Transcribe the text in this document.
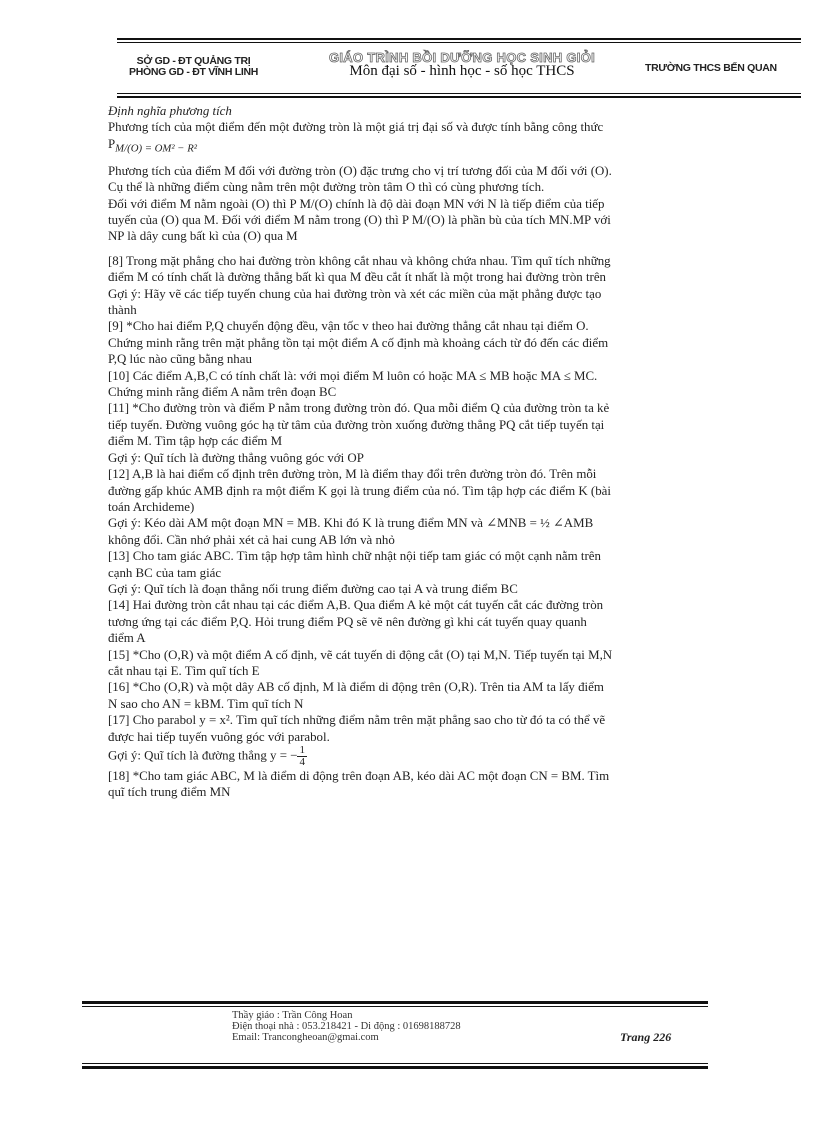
SỞ GD - ĐT QUẢNG TRỊ
PHÒNG GD - ĐT VĨNH LINH
GIÁO TRÌNH BỒI DƯỠNG HỌC SINH GIỎI
Môn đại số - hình học - số học THCS	TRƯỜNG THCS BẾN QUAN

Định nghĩa phương tích

Phương tích của một điểm đến một đường tròn là một giá trị đại số và được tính bằng công thức $P_{M/(O) = OM^2 - R^2}$

Phương tích của điểm M đối với đường tròn (O) đặc trưng cho vị trí tương đối của M đối với (O). Cụ thể là những điểm cùng nằm trên một đường tròn tâm O thì có cùng phương tích.

Đối với điểm M nằm ngoài (O) thì P M/(O) chính là độ dài đoạn MN với N là tiếp điểm của tiếp tuyến của (O) qua M. Đối với điểm M nằm trong (O) thì P M/(O) là phần bù của tích MN.MP với NP là dây cung bất kì của (O) qua M

[8] Trong mặt phẳng cho hai đường tròn không cắt nhau và không chứa nhau. Tìm quĩ tích những điểm M có tính chất là đường thẳng bất kì qua M đều cắt ít nhất là một trong hai đường tròn trên

Gợi ý: Hãy vẽ các tiếp tuyến chung của hai đường tròn và xét các miền của mặt phẳng được tạo thành

[9] *Cho hai điểm P,Q chuyển động đều, vận tốc v theo hai đường thẳng cắt nhau tại điểm O. Chứng minh rằng trên mặt phẳng tồn tại một điểm A cố định mà khoảng cách từ đó đến các điểm P,Q lúc nào cũng bằng nhau

[10] Các điểm A,B,C có tính chất là: với mọi điểm M luôn có hoặc MA ≤ MB hoặc MA ≤ MC. Chứng minh rằng điểm A nằm trên đoạn BC

[11] *Cho đường tròn và điểm P nằm trong đường tròn đó. Qua mỗi điểm Q của đường tròn ta kẻ tiếp tuyến. Đường vuông góc hạ từ tâm của đường tròn xuống đường thẳng PQ cắt tiếp tuyến tại điểm M. Tìm tập hợp các điểm M

Gợi ý: Quĩ tích là đường thẳng vuông góc với OP

[12] A,B là hai điểm cố định trên đường tròn, M là điểm thay đổi trên đường tròn đó. Trên mỗi đường gấp khúc AMB định ra một điểm K gọi là trung điểm của nó. Tìm tập hợp các điểm K (bài toán Archideme)

Gợi ý: Kéo dài AM một đoạn MN = MB. Khi đó K là trung điểm MN và ∠MNB = ½ ∠AMB không đổi. Cần nhớ phải xét cả hai cung AB lớn và nhỏ

[13] Cho tam giác ABC. Tìm tập hợp tâm hình chữ nhật nội tiếp tam giác có một cạnh nằm trên cạnh BC của tam giác

Gợi ý: Quĩ tích là đoạn thẳng nối trung điểm đường cao tại A và trung điểm BC

[14] Hai đường tròn cắt nhau tại các điểm A,B. Qua điểm A kẻ một cát tuyến cắt các đường tròn tương ứng tại các điểm P,Q. Hỏi trung điểm PQ sẽ vẽ nên đường gì khi cát tuyến quay quanh điểm A

[15] *Cho (O,R) và một điểm A cố định, vẽ cát tuyến di động cắt (O) tại M,N. Tiếp tuyến tại M,N cắt nhau tại E. Tìm quĩ tích E

[16] *Cho (O,R) và một dây AB cố định, M là điểm di động trên (O,R). Trên tia AM ta lấy điểm N sao cho AN = kBM. Tìm quĩ tích N

[17] Cho parabol y = x². Tìm quĩ tích những điểm nằm trên mặt phẳng sao cho từ đó ta có thể vẽ được hai tiếp tuyến vuông góc với parabol.

Gợi ý: Quĩ tích là đường thẳng y = − $\frac{1}{4}$

[18] *Cho tam giác ABC, M là điểm di động trên đoạn AB, kéo dài AC một đoạn CN = BM. Tìm quĩ tích trung điểm MN

Thầy giáo : Trần Công Hoan
Điện thoại nhà : 053.218421 - Di động : 01698188728
Email: Trancongheoan@gmai.com	Trang 226
